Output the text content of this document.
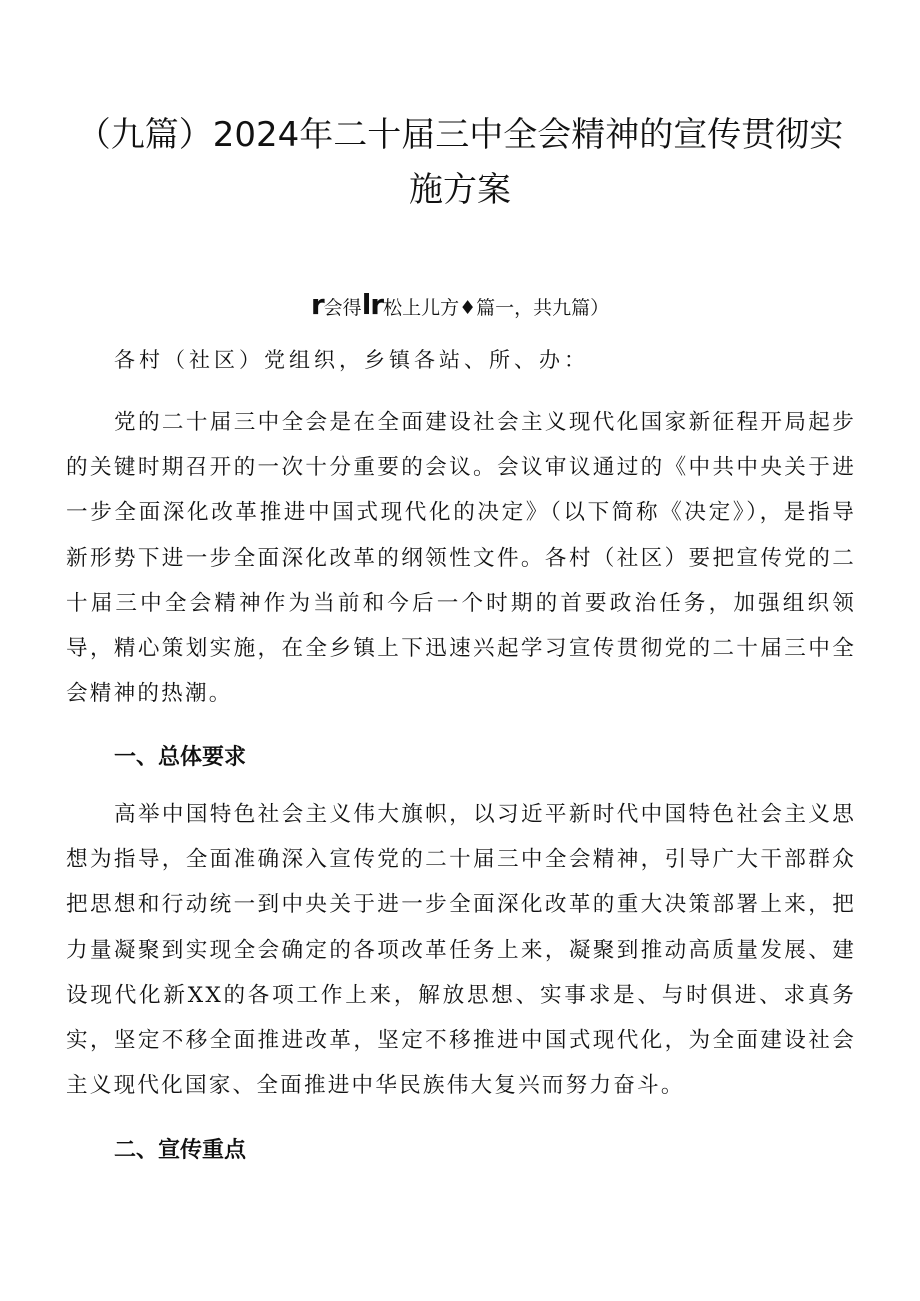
（九篇）2024年二十届三中全会精神的宣传贯彻实
施方案
r会得lr松上儿方♦篇一，共九篇）
各村（社区）党组织，乡镇各站、所、办：

党的二十届三中全会是在全面建设社会主义现代化国家新征程开局起步的关键时期召开的一次十分重要的会议。会议审议通过的《中共中央关于进一步全面深化改革推进中国式现代化的决定》（以下简称《决定》），是指导新形势下进一步全面深化改革的纲领性文件。各村（社区）要把宣传党的二十届三中全会精神作为当前和今后一个时期的首要政治任务，加强组织领导，精心策划实施，在全乡镇上下迅速兴起学习宣传贯彻党的二十届三中全会精神的热潮。

一、总体要求

高举中国特色社会主义伟大旗帜，以习近平新时代中国特色社会主义思想为指导，全面准确深入宣传党的二十届三中全会精神，引导广大干部群众把思想和行动统一到中央关于进一步全面深化改革的重大决策部署上来，把力量凝聚到实现全会确定的各项改革任务上来，凝聚到推动高质量发展、建设现代化新XX的各项工作上来，解放思想、实事求是、与时俱进、求真务实，坚定不移全面推进改革，坚定不移推进中国式现代化，为全面建设社会主义现代化国家、全面推进中华民族伟大复兴而努力奋斗。

二、宣传重点
